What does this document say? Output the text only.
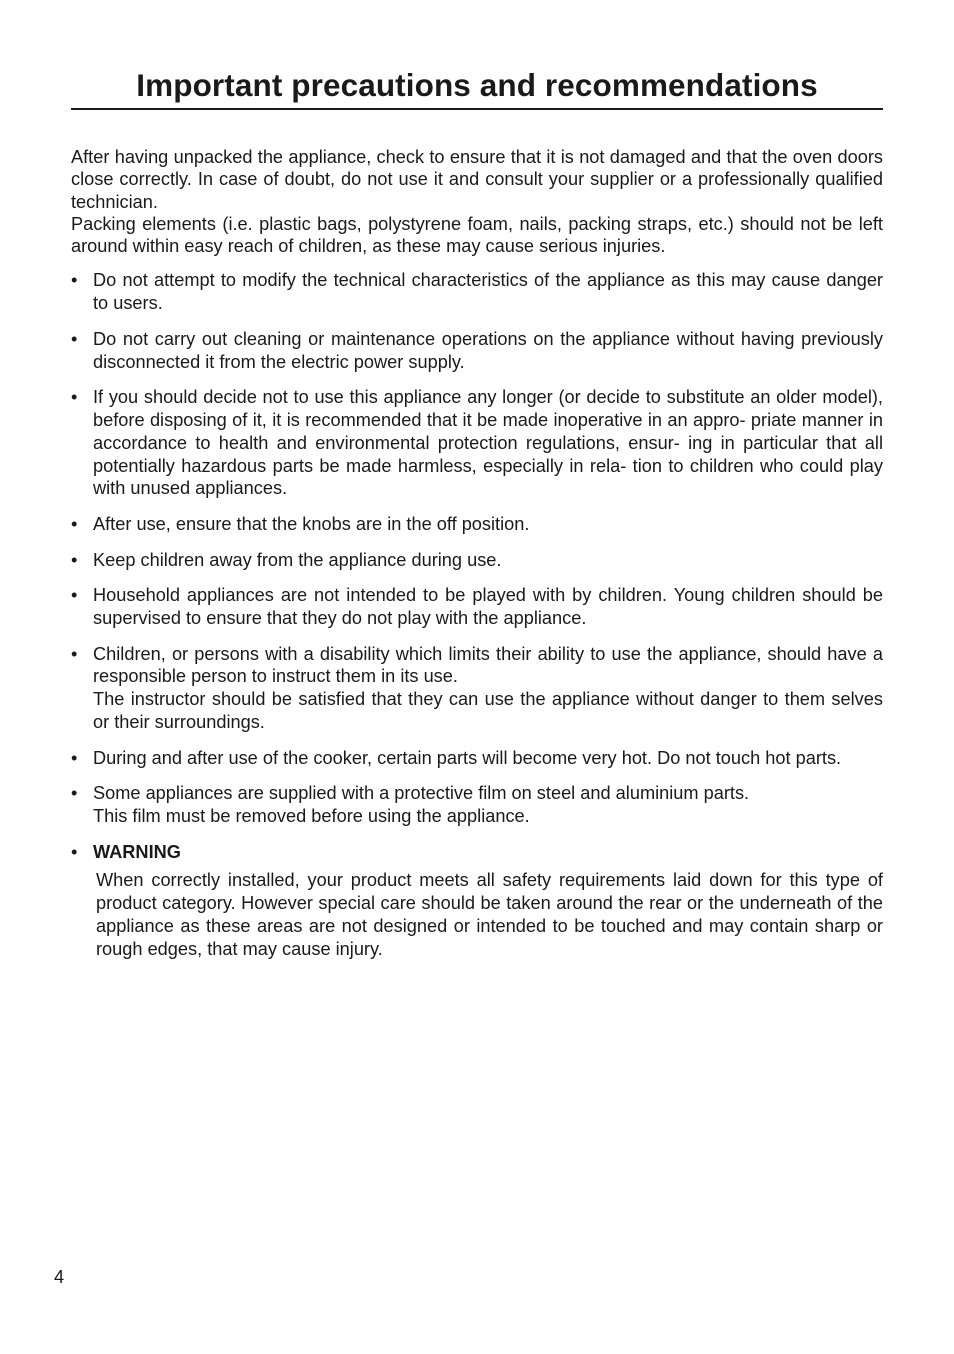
Important precautions and recommendations

After having unpacked the appliance, check to ensure that it is not damaged and that the oven doors close correctly. In case of doubt, do not use it and consult your supplier or a professionally qualified technician.

Packing elements (i.e. plastic bags, polystyrene foam, nails, packing straps, etc.) should not be left around within easy reach of children, as these may cause serious injuries.

• Do not attempt to modify the technical characteristics of the appliance as this may cause danger to users.

• Do not carry out cleaning or maintenance operations on the appliance without having previously disconnected it from the electric power supply.

• If you should decide not to use this appliance any longer (or decide to substitute an older model), before disposing of it, it is recommended that it be made inoperative in an appro- priate manner in accordance to health and environmental protection regulations, ensur- ing in particular that all potentially hazardous parts be made harmless, especially in rela- tion to children who could play with unused appliances.

• After use, ensure that the knobs are in the off position.

• Keep children away from the appliance during use.

• Household appliances are not intended to be played with by children. Young children should be supervised to ensure that they do not play with the appliance.

• Children, or persons with a disability which limits their ability to use the appliance, should have a responsible person to instruct them in its use.

The instructor should be satisfied that they can use the appliance without danger to them selves or their surroundings.

• During and after use of the cooker, certain parts will become very hot. Do not touch hot parts.

• Some appliances are supplied with a protective film on steel and aluminium parts.

This film must be removed before using the appliance.

• WARNING

When correctly installed, your product meets all safety requirements laid down for this type of product category. However special care should be taken around the rear or the underneath of the appliance as these areas are not designed or intended to be touched and may contain sharp or rough edges, that may cause injury.

4
